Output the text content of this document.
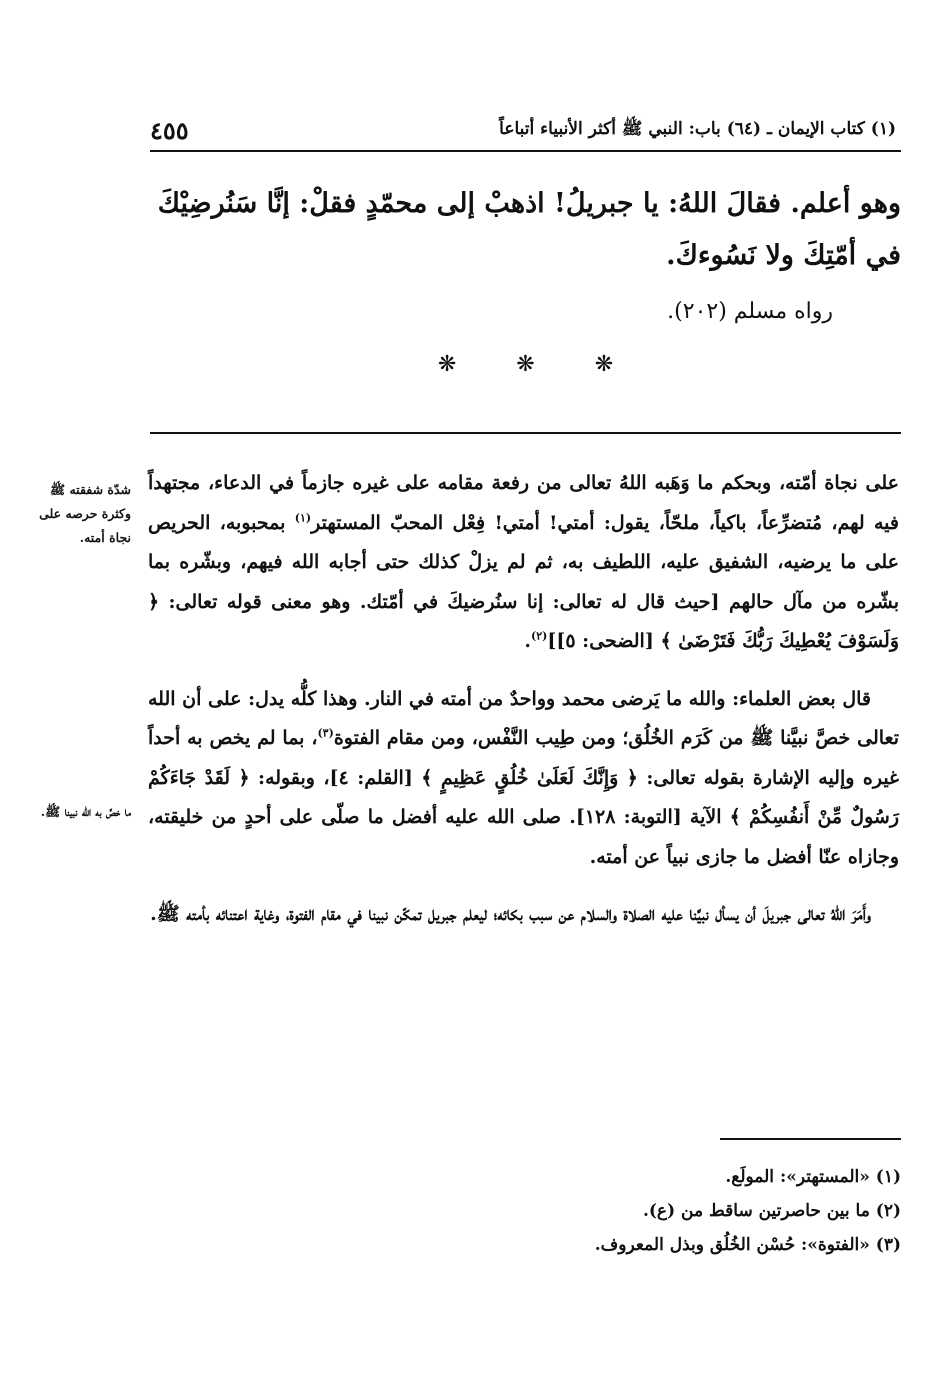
٤٥٥	(١) كتاب الإيمان ـ (٦٤) باب: النبي ﷺ أكثر الأنبياء أتباعاً
وهو أعلم. فقالَ اللهُ: يا جبريلُ! اذهبْ إلى محمّدٍ فقلْ: إنَّا سَنُرضِيْكَ في أمّتِكَ ولا نَسُوءكَ.
رواه مسلم (٢٠٢).
❋	❋	❋

على نجاة أمّته، وبحكم ما وَهَبه اللهُ تعالى من رفعة مقامه على غيره جازماً في الدعاء، مجتهداً فيه لهم، مُتضرِّعاً، باكياً، ملحّاً، يقول: أمتي! أمتي! فِعْل المحبّ المستهتر$^{(١)}$ بمحبوبه، الحريص على ما يرضيه، الشفيق عليه، اللطيف به، ثم لم يزلْ كذلك حتى أجابه الله فيهم، وبشّره بما بشّره من مآل حالهم [حيث قال له تعالى: إنا سنُرضيكَ في أمّتك. وهو معنى قوله تعالى: ﴿ وَلَسَوْفَ يُعْطِيكَ رَبُّكَ فَتَرْضَىٰ ﴾ [الضحى: ٥]]$^{(٢)}$.

قال بعض العلماء: والله ما يَرضى محمد وواحدٌ من أمته في النار. وهذا كلُّه يدل: على أن الله تعالى خصَّ نبيَّنا ﷺ من كَرَم الخُلُق؛ ومن طِيب النَّفْس، ومن مقام الفتوة$^{(٣)}$، بما لم يخص به أحداً غيره وإليه الإشارة بقوله تعالى: ﴿ وَإِنَّكَ لَعَلَىٰ خُلُقٍ عَظِيمٍ ﴾ [القلم: ٤]، وبقوله: ﴿ لَقَدْ جَاءَكُمْ رَسُولٌ مِّنْ أَنفُسِكُمْ ﴾ الآية [التوبة: ١٢٨]. صلى الله عليه أفضل ما صلّى على أحدٍ من خليقته، وجازاه عنّا أفضل ما جازى نبياً عن أمته.

وأَمَرَ اللهُ تعالى جبريلَ أن يسأل نبيَّنا عليه الصلاة والسلام عن سبب بكائه؛ ليعلم جبريل تمكّن نبينا في مقام الفتوة، وغاية اعتنائه بأمته ﷺ.

شدّة شفقته ﷺ وكثرة حرصه على نجاة أمته.
ما خصَّ به الله نبينا ﷺ.
(١) «المستهتر»: المولَع.
(٢) ما بين حاصرتين ساقط من (ع).
(٣) «الفتوة»: حُسْن الخُلُق وبذل المعروف.
